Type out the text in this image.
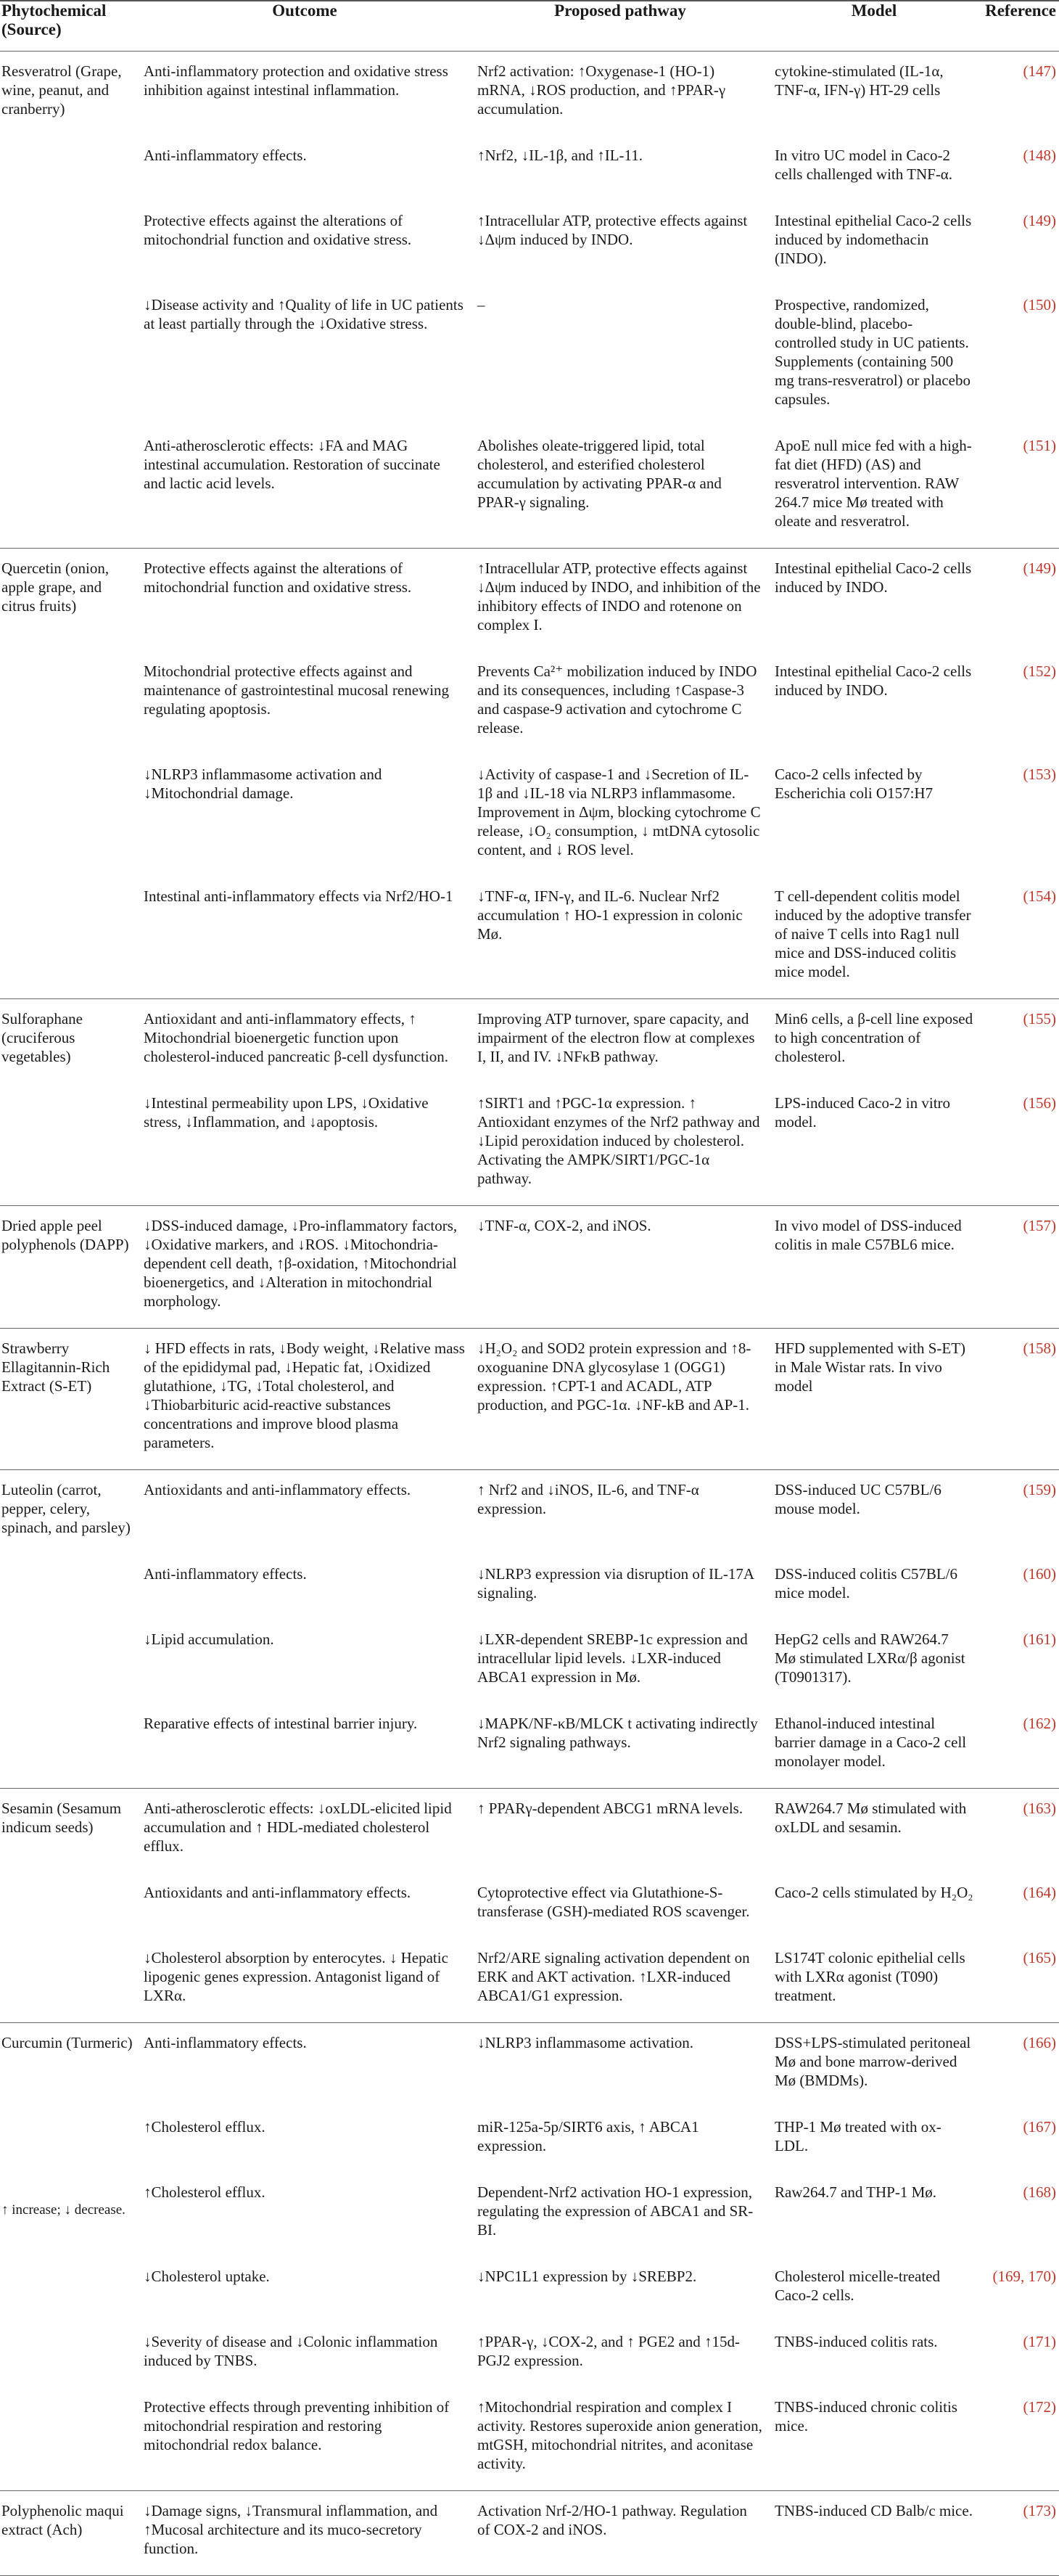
Phytochemical (Source)	Outcome	Proposed pathway	Model	Reference
Resveratrol (Grape, wine, peanut, and cranberry)	Anti-inflammatory protection and oxidative stress inhibition against intestinal inflammation.	Nrf2 activation: ↑Oxygenase-1 (HO-1) mRNA, ↓ROS production, and ↑PPAR-γ accumulation.	cytokine-stimulated (IL-1α, TNF-α, IFN-γ) HT-29 cells	(147)
	Anti-inflammatory effects.	↑Nrf2, ↓IL-1β, and ↑IL-11.	In vitro UC model in Caco-2 cells challenged with TNF-α.	(148)
	Protective effects against the alterations of mitochondrial function and oxidative stress.	↑Intracellular ATP, protective effects against ↓Δψm induced by INDO.	Intestinal epithelial Caco-2 cells induced by indomethacin (INDO).	(149)
	↓Disease activity and ↑Quality of life in UC patients at least partially through the ↓Oxidative stress.	–	Prospective, randomized, double-blind, placebo-controlled study in UC patients. Supplements (containing 500 mg trans-resveratrol) or placebo capsules.	(150)
	Anti-atherosclerotic effects: ↓FA and MAG intestinal accumulation. Restoration of succinate and lactic acid levels.	Abolishes oleate-triggered lipid, total cholesterol, and esterified cholesterol accumulation by activating PPAR-α and PPAR-γ signaling.	ApoE null mice fed with a high-fat diet (HFD) (AS) and resveratrol intervention. RAW 264.7 mice Mø treated with oleate and resveratrol.	(151)
Quercetin (onion, apple grape, and citrus fruits)	Protective effects against the alterations of mitochondrial function and oxidative stress.	↑Intracellular ATP, protective effects against ↓Δψm induced by INDO, and inhibition of the inhibitory effects of INDO and rotenone on complex I.	Intestinal epithelial Caco-2 cells induced by INDO.	(149)
	Mitochondrial protective effects against and maintenance of gastrointestinal mucosal renewing regulating apoptosis.	Prevents Ca²⁺ mobilization induced by INDO and its consequences, including ↑Caspase-3 and caspase-9 activation and cytochrome C release.	Intestinal epithelial Caco-2 cells induced by INDO.	(152)
	↓NLRP3 inflammasome activation and ↓Mitochondrial damage.	↓Activity of caspase-1 and ↓Secretion of IL-1β and ↓IL-18 via NLRP3 inflammasome. Improvement in Δψm, blocking cytochrome C release, ↓O₂ consumption, ↓ mtDNA cytosolic content, and ↓ ROS level.	Caco-2 cells infected by Escherichia coli O157:H7	(153)
	Intestinal anti-inflammatory effects via Nrf2/HO-1	↓TNF-α, IFN-γ, and IL-6. Nuclear Nrf2 accumulation ↑ HO-1 expression in colonic Mø.	T cell-dependent colitis model induced by the adoptive transfer of naive T cells into Rag1 null mice and DSS-induced colitis mice model.	(154)
Sulforaphane (cruciferous vegetables)	Antioxidant and anti-inflammatory effects, ↑ Mitochondrial bioenergetic function upon cholesterol-induced pancreatic β-cell dysfunction.	Improving ATP turnover, spare capacity, and impairment of the electron flow at complexes I, II, and IV. ↓NFκB pathway.	Min6 cells, a β-cell line exposed to high concentration of cholesterol.	(155)
	↓Intestinal permeability upon LPS, ↓Oxidative stress, ↓Inflammation, and ↓apoptosis.	↑SIRT1 and ↑PGC-1α expression. ↑ Antioxidant enzymes of the Nrf2 pathway and ↓Lipid peroxidation induced by cholesterol. Activating the AMPK/SIRT1/PGC-1α pathway.	LPS-induced Caco-2 in vitro model.	(156)
Dried apple peel polyphenols (DAPP)	↓DSS-induced damage, ↓Pro-inflammatory factors, ↓Oxidative markers, and ↓ROS. ↓Mitochondria-dependent cell death, ↑β-oxidation, ↑Mitochondrial bioenergetics, and ↓Alteration in mitochondrial morphology.	↓TNF-α, COX-2, and iNOS.	In vivo model of DSS-induced colitis in male C57BL6 mice.	(157)
Strawberry Ellagitannin-Rich Extract (S-ET)	↓ HFD effects in rats, ↓Body weight, ↓Relative mass of the epididymal pad, ↓Hepatic fat, ↓Oxidized glutathione, ↓TG, ↓Total cholesterol, and ↓Thiobarbituric acid-reactive substances concentrations and improve blood plasma parameters.	↓H₂O₂ and SOD2 protein expression and ↑8-oxoguanine DNA glycosylase 1 (OGG1) expression. ↑CPT-1 and ACADL, ATP production, and PGC-1α. ↓NF-kB and AP-1.	HFD supplemented with S-ET) in Male Wistar rats. In vivo model	(158)
Luteolin (carrot, pepper, celery, spinach, and parsley)	Antioxidants and anti-inflammatory effects.	↑ Nrf2 and ↓iNOS, IL-6, and TNF-α expression.	DSS-induced UC C57BL/6 mouse model.	(159)
	Anti-inflammatory effects.	↓NLRP3 expression via disruption of IL-17A signaling.	DSS-induced colitis C57BL/6 mice model.	(160)
	↓Lipid accumulation.	↓LXR-dependent SREBP-1c expression and intracellular lipid levels. ↓LXR-induced ABCA1 expression in Mø.	HepG2 cells and RAW264.7 Mø stimulated LXRα/β agonist (T0901317).	(161)
	Reparative effects of intestinal barrier injury.	↓MAPK/NF-κB/MLCK t activating indirectly Nrf2 signaling pathways.	Ethanol-induced intestinal barrier damage in a Caco-2 cell monolayer model.	(162)
Sesamin (Sesamum indicum seeds)	Anti-atherosclerotic effects: ↓oxLDL-elicited lipid accumulation and ↑ HDL-mediated cholesterol efflux.	↑ PPARγ-dependent ABCG1 mRNA levels.	RAW264.7 Mø stimulated with oxLDL and sesamin.	(163)
	Antioxidants and anti-inflammatory effects.	Cytoprotective effect via Glutathione-S-transferase (GSH)-mediated ROS scavenger.	Caco-2 cells stimulated by H₂O₂	(164)
	↓Cholesterol absorption by enterocytes. ↓ Hepatic lipogenic genes expression. Antagonist ligand of LXRα.	Nrf2/ARE signaling activation dependent on ERK and AKT activation. ↑LXR-induced ABCA1/G1 expression.	LS174T colonic epithelial cells with LXRα agonist (T090) treatment.	(165)
Curcumin (Turmeric)	Anti-inflammatory effects.	↓NLRP3 inflammasome activation.	DSS+LPS-stimulated peritoneal Mø and bone marrow-derived Mø (BMDMs).	(166)
	↑Cholesterol efflux.	miR-125a-5p/SIRT6 axis, ↑ ABCA1 expression.	THP-1 Mø treated with ox-LDL.	(167)
	↑Cholesterol efflux.	Dependent-Nrf2 activation HO-1 expression, regulating the expression of ABCA1 and SR-BI.	Raw264.7 and THP-1 Mø.	(168)
	↓Cholesterol uptake.	↓NPC1L1 expression by ↓SREBP2.	Cholesterol micelle-treated Caco-2 cells.	(169, 170)
	↓Severity of disease and ↓Colonic inflammation induced by TNBS.	↑PPAR-γ, ↓COX-2, and ↑ PGE2 and ↑15d-PGJ2 expression.	TNBS-induced colitis rats.	(171)
	Protective effects through preventing inhibition of mitochondrial respiration and restoring mitochondrial redox balance.	↑Mitochondrial respiration and complex I activity. Restores superoxide anion generation, mtGSH, mitochondrial nitrites, and aconitase activity.	TNBS-induced chronic colitis mice.	(172)
Polyphenolic maqui extract (Ach)	↓Damage signs, ↓Transmural inflammation, and ↑Mucosal architecture and its muco-secretory function.	Activation Nrf-2/HO-1 pathway. Regulation of COX-2 and iNOS.	TNBS-induced CD Balb/c mice.	(173)
↑ increase; ↓ decrease.
